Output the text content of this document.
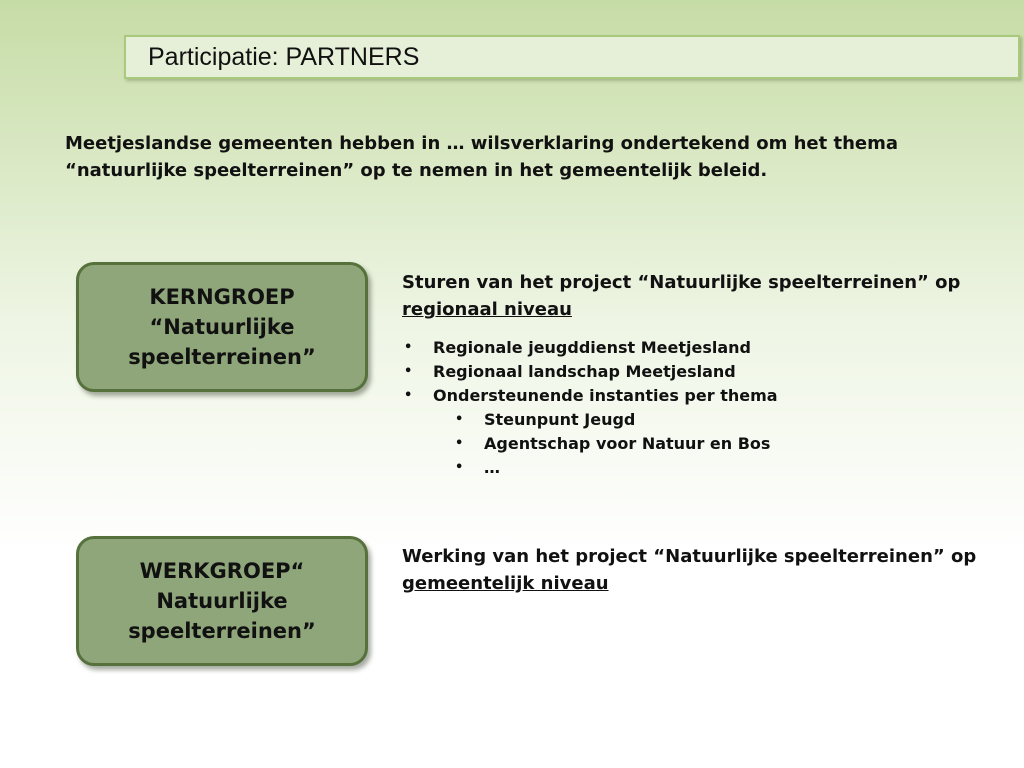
Participatie: PARTNERS
Meetjeslandse gemeenten hebben in … wilsverklaring ondertekend om het thema “natuurlijke speelterreinen” op te nemen in het gemeentelijk beleid.
KERNGROEP
“Natuurlijke
speelterreinen”
Sturen van het project “Natuurlijke speelterreinen” op regionaal niveau
• Regionale jeugddienst Meetjesland
• Regionaal landschap Meetjesland
• Ondersteunende instanties per thema
• Steunpunt Jeugd
• Agentschap voor Natuur en Bos
• …
WERKGROEP“
Natuurlijke
speelterreinen”
Werking van het project “Natuurlijke speelterreinen” op gemeentelijk niveau
